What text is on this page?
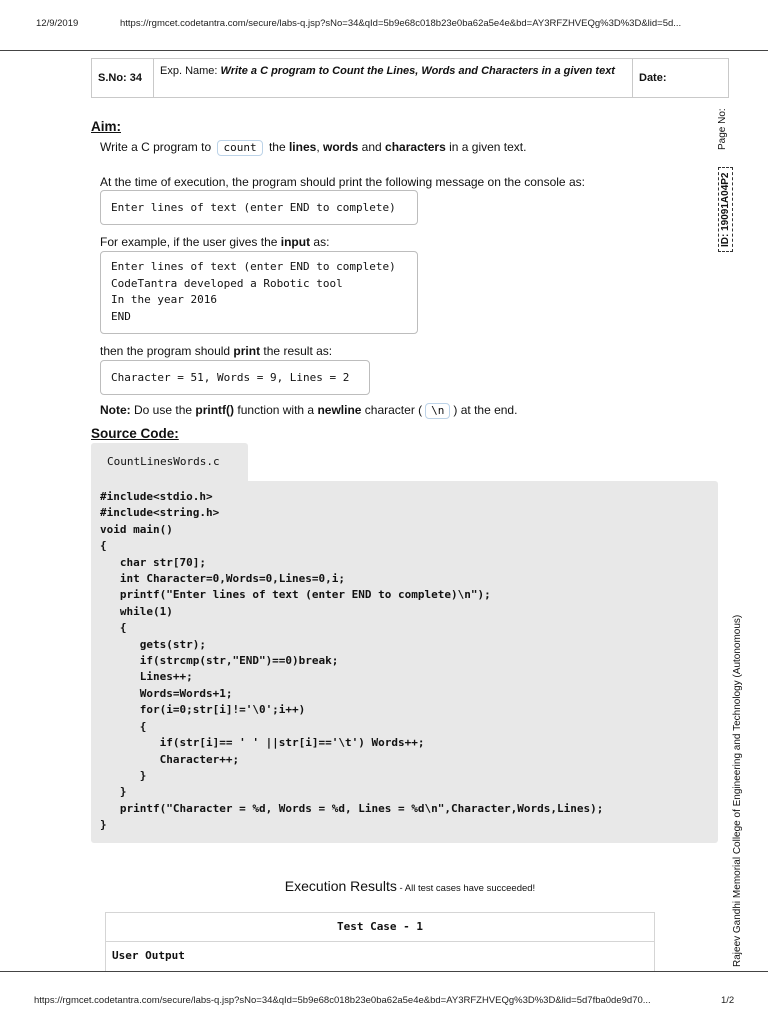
12/9/2019	https://rgmcet.codetantra.com/secure/labs-q.jsp?sNo=34&qId=5b9e68c018b23e0ba62a5e4e&bd=AY3RFZHVEQg%3D%3D&lid=5d...
S.No: 34
Exp. Name: Write a C program to Count the Lines, Words and Characters in a given text
Date:
Page No:
ID: 19091A04P2
Rajeev Gandhi Memorial College of Engineering and Technology (Autonomous)
Aim:
Write a C program to count the lines, words and characters in a given text.
At the time of execution, the program should print the following message on the console as:
Enter lines of text (enter END to complete)
For example, if the user gives the input as:
Enter lines of text (enter END to complete)
CodeTantra developed a Robotic tool
In the year 2016
END
then the program should print the result as:
Character = 51, Words = 9, Lines = 2
Note: Do use the printf() function with a newline character ( \n ) at the end.
Source Code:
CountLinesWords.c
#include<stdio.h>
#include<string.h>
void main()
{
char str[70];
int Character=0,Words=0,Lines=0,i;
printf("Enter lines of text (enter END to complete)\n");
while(1)
{
gets(str);
if(strcmp(str,"END")==0)break;
Lines++;
Words=Words+1;
for(i=0;str[i]!='\0';i++)
{
if(str[i]== ' ' ||str[i]=='\t') Words++;
Character++;
}
}
printf("Character = %d, Words = %d, Lines = %d\n",Character,Words,Lines);
}
Execution Results - All test cases have succeeded!
Test Case - 1
User Output
https://rgmcet.codetantra.com/secure/labs-q.jsp?sNo=34&qId=5b9e68c018b23e0ba62a5e4e&bd=AY3RFZHVEQg%3D%3D&lid=5d7fba0de9d70...	1/2
